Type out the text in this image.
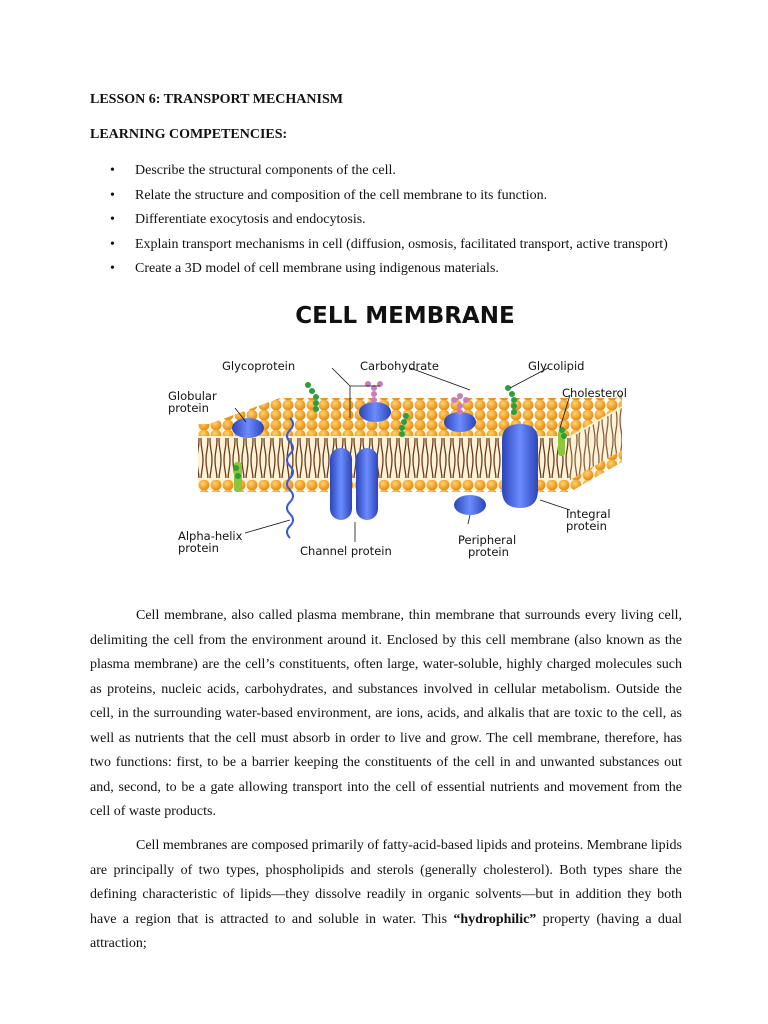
LESSON 6: TRANSPORT MECHANISM
LEARNING COMPETENCIES:
• Describe the structural components of the cell.
• Relate the structure and composition of the cell membrane to its function.
• Differentiate exocytosis and endocytosis.
• Explain transport mechanisms in cell (diffusion, osmosis, facilitated transport, active transport)
• Create a 3D model of cell membrane using indigenous materials.
CELL MEMBRANE
Glycoprotein	Carbohydrate	Glycolipid
Globular
protein
Cholesterol
Integral
protein
Alpha-helix
protein	Channel protein
Peripheral
protein

Cell membrane, also called plasma membrane, thin membrane that surrounds every living cell, delimiting the cell from the environment around it. Enclosed by this cell membrane (also known as the plasma membrane) are the cell’s constituents, often large, water-soluble, highly charged molecules such as proteins, nucleic acids, carbohydrates, and substances involved in cellular metabolism. Outside the cell, in the surrounding water-based environment, are ions, acids, and alkalis that are toxic to the cell, as well as nutrients that the cell must absorb in order to live and grow. The cell membrane, therefore, has two functions: first, to be a barrier keeping the constituents of the cell in and unwanted substances out and, second, to be a gate allowing transport into the cell of essential nutrients and movement from the cell of waste products.

Cell membranes are composed primarily of fatty-acid-based lipids and proteins. Membrane lipids are principally of two types, phospholipids and sterols (generally cholesterol). Both types share the defining characteristic of lipids—they dissolve readily in organic solvents—but in addition they both have a region that is attracted to and soluble in water. This “hydrophilic” property (having a dual attraction;
